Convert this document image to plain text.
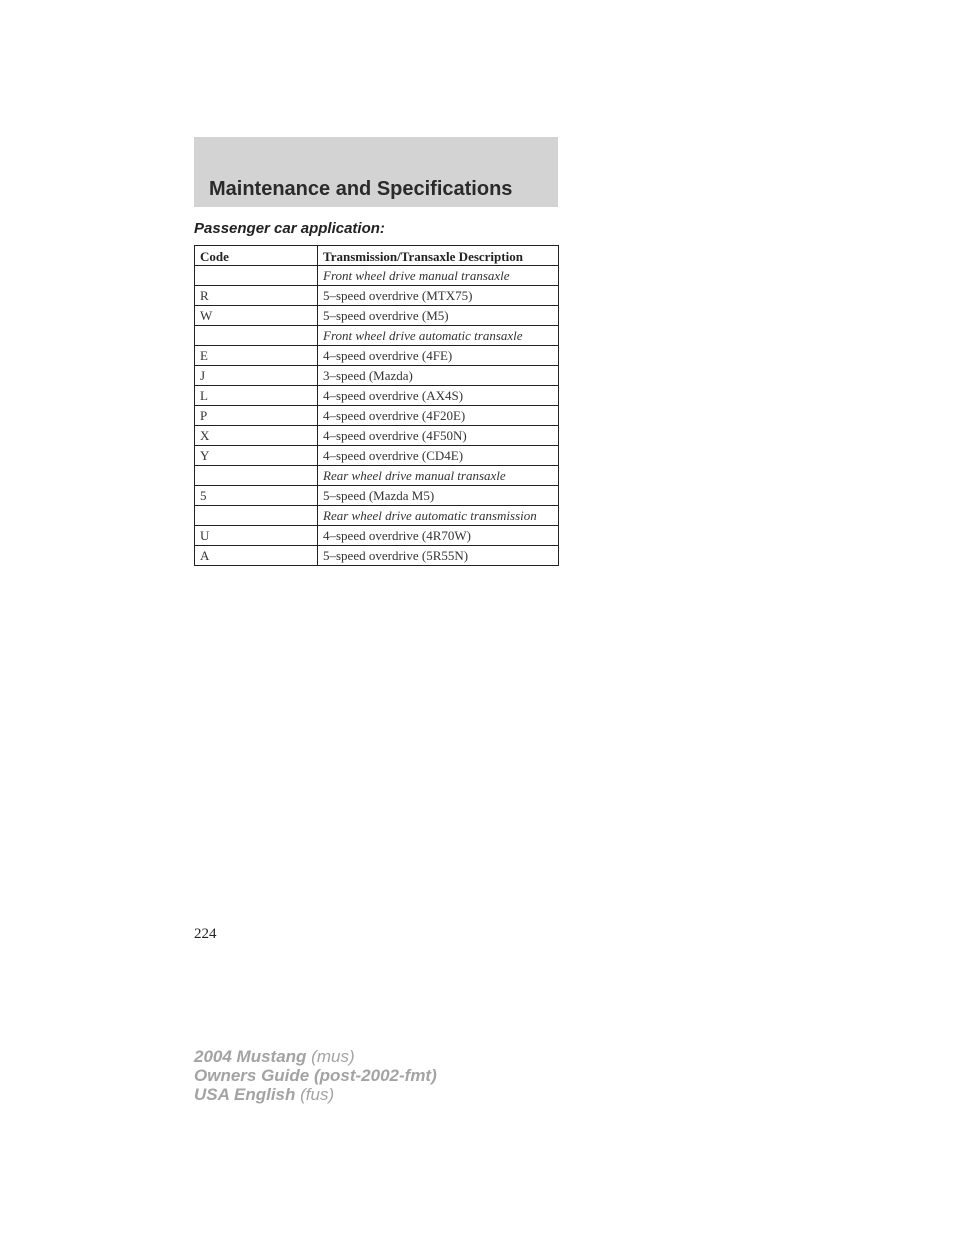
Maintenance and Specifications
Passenger car application:
Code	Transmission/Transaxle Description
	Front wheel drive manual transaxle
R	5–speed overdrive (MTX75)
W	5–speed overdrive (M5)
	Front wheel drive automatic transaxle
E	4–speed overdrive (4FE)
J	3–speed (Mazda)
L	4–speed overdrive (AX4S)
P	4–speed overdrive (4F20E)
X	4–speed overdrive (4F50N)
Y	4–speed overdrive (CD4E)
	Rear wheel drive manual transaxle
5	5–speed (Mazda M5)
	Rear wheel drive automatic transmission
U	4–speed overdrive (4R70W)
A	5–speed overdrive (5R55N)
224
2004 Mustang (mus)
Owners Guide (post-2002-fmt)
USA English (fus)
